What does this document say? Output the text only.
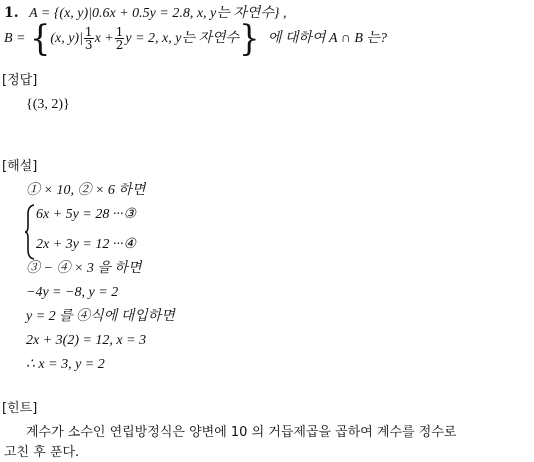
1. A = {(x, y)|0.6x + 0.5y = 2.8, x, y는 자연수} ,
B = {(x, $y)| \frac{1}{3}$ $x + \frac{1}{2}$ y = 2, x, y는 자연수} 에 대하여 A ∩ B 는?
[정답]
{(3, 2)}
[해설]
① × 10, ② × 6 하면
6x + 5y = 28 ···③
2x + 3y = 12 ···④
③ − ④ × 3 을 하면
−4y = −8, y = 2
y = 2 를 ④식에 대입하면
2x + 3(2) = 12, x = 3
∴ x = 3, y = 2
[힌트]
계수가 소수인 연립방정식은 양변에 10 의 거듭제곱을 곱하여 계수를 정수로
고친 후 푼다.
